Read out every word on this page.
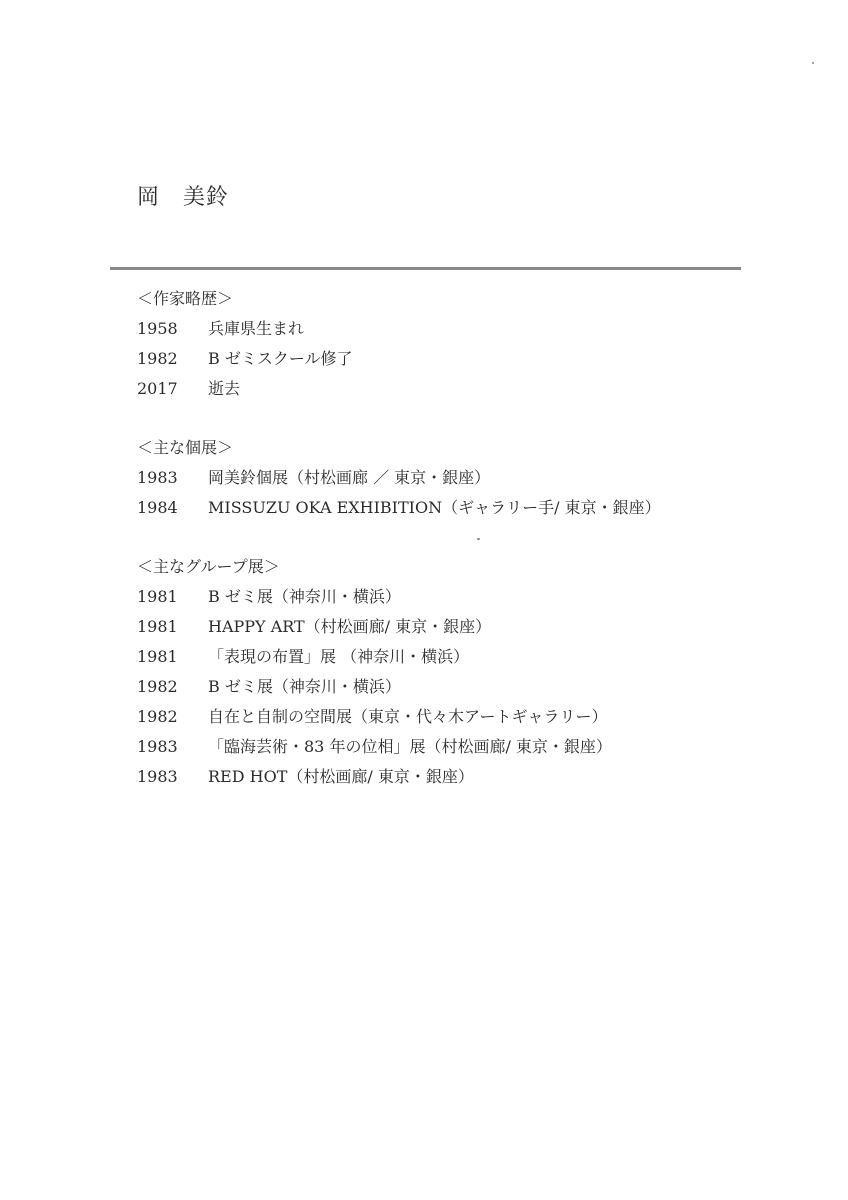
岡　美鈴
＜作家略歴＞
1958 兵庫県生まれ
1982 B ゼミスクール修了
2017 逝去
＜主な個展＞
1983 岡美鈴個展（村松画廊 ／ 東京・銀座）
1984 MISSUZU OKA EXHIBITION（ギャラリー手/ 東京・銀座）
＜主なグループ展＞
1981 B ゼミ展（神奈川・横浜）
1981 HAPPY ART（村松画廊/ 東京・銀座）
1981 「表現の布置」展 （神奈川・横浜）
1982 B ゼミ展（神奈川・横浜）
1982 自在と自制の空間展（東京・代々木アートギャラリー）
1983 「臨海芸術・83 年の位相」展（村松画廊/ 東京・銀座）
1983 RED HOT（村松画廊/ 東京・銀座）
